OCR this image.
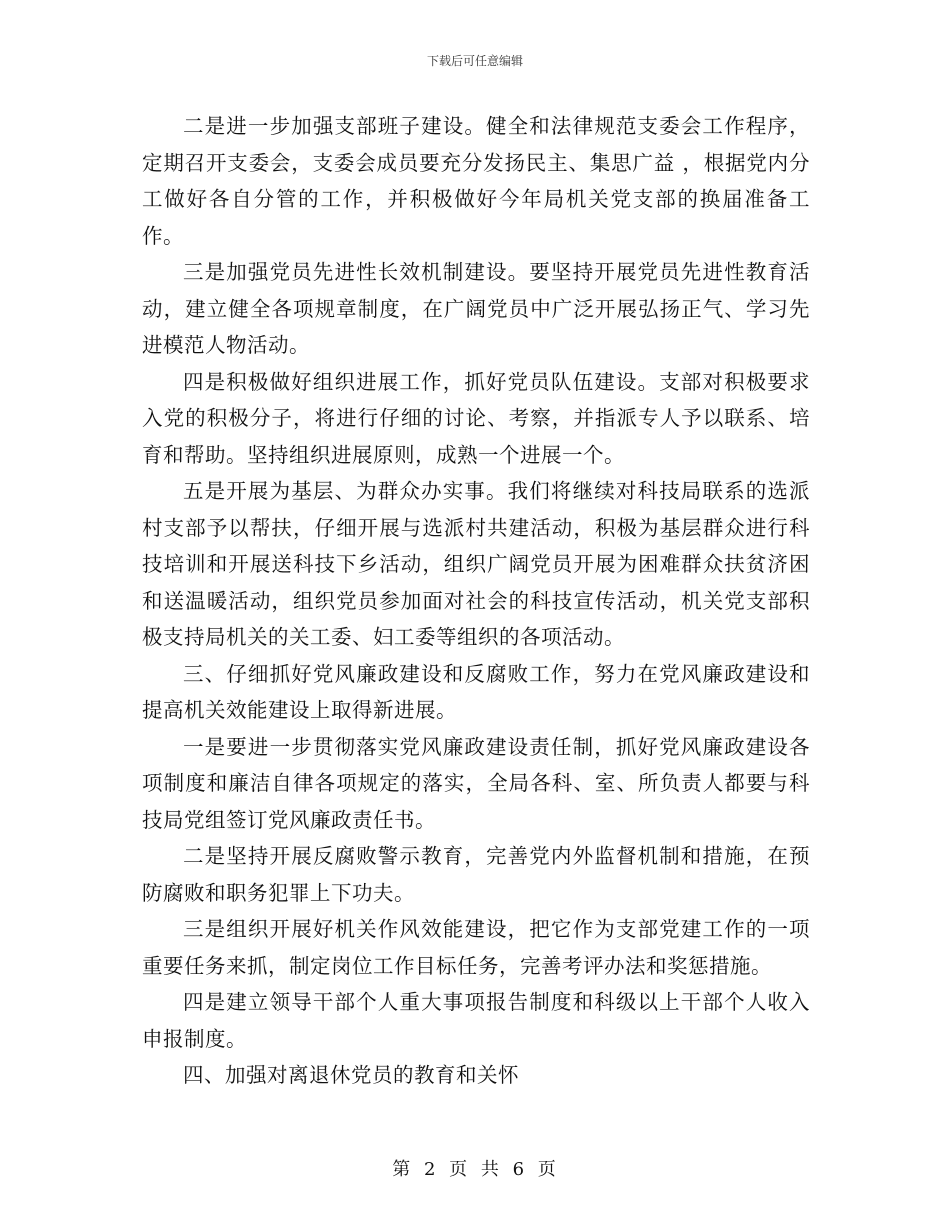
下载后可任意编辑

二是进一步加强支部班子建设。健全和法律规范支委会工作程序，定期召开支委会，支委会成员要充分发扬民主、集思广益 ，根据党内分工做好各自分管的工作，并积极做好今年局机关党支部的换届准备工作。

三是加强党员先进性长效机制建设。要坚持开展党员先进性教育活动，建立健全各项规章制度，在广阔党员中广泛开展弘扬正气、学习先进模范人物活动。

四是积极做好组织进展工作，抓好党员队伍建设。支部对积极要求入党的积极分子，将进行仔细的讨论、考察，并指派专人予以联系、培育和帮助。坚持组织进展原则，成熟一个进展一个。

五是开展为基层、为群众办实事。我们将继续对科技局联系的选派村支部予以帮扶，仔细开展与选派村共建活动，积极为基层群众进行科技培训和开展送科技下乡活动，组织广阔党员开展为困难群众扶贫济困和送温暖活动，组织党员参加面对社会的科技宣传活动，机关党支部积极支持局机关的关工委、妇工委等组织的各项活动。

三、仔细抓好党风廉政建设和反腐败工作，努力在党风廉政建设和提高机关效能建设上取得新进展。

一是要进一步贯彻落实党风廉政建设责任制，抓好党风廉政建设各项制度和廉洁自律各项规定的落实，全局各科、室、所负责人都要与科技局党组签订党风廉政责任书。

二是坚持开展反腐败警示教育，完善党内外监督机制和措施，在预防腐败和职务犯罪上下功夫。

三是组织开展好机关作风效能建设，把它作为支部党建工作的一项重要任务来抓，制定岗位工作目标任务，完善考评办法和奖惩措施。

四是建立领导干部个人重大事项报告制度和科级以上干部个人收入申报制度。

四、加强对离退休党员的教育和关怀

第 2 页 共 6 页
